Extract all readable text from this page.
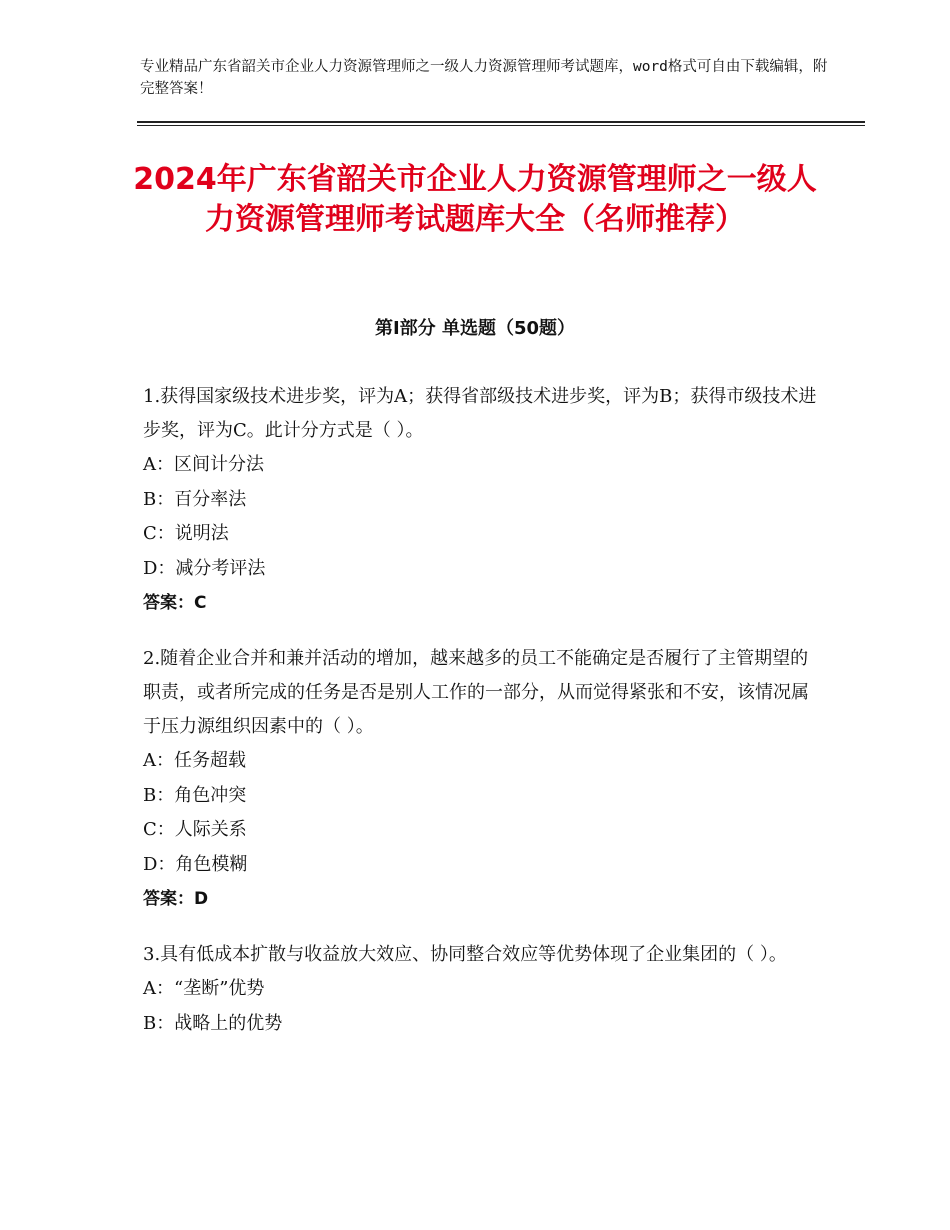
专业精品广东省韶关市企业人力资源管理师之一级人力资源管理师考试题库，word格式可自由下载编辑，附完整答案！
2024年广东省韶关市企业人力资源管理师之一级人力资源管理师考试题库大全（名师推荐）
第Ⅰ部分 单选题（50题）

1.获得国家级技术进步奖，评为A；获得省部级技术进步奖，评为B；获得市级技术进步奖，评为C。此计分方式是（ ）。

A：区间计分法

B：百分率法

C：说明法

D：减分考评法

答案：C

2.随着企业合并和兼并活动的增加，越来越多的员工不能确定是否履行了主管期望的职责，或者所完成的任务是否是别人工作的一部分，从而觉得紧张和不安，该情况属于压力源组织因素中的（ ）。

A：任务超载

B：角色冲突

C：人际关系

D：角色模糊

答案：D

3.具有低成本扩散与收益放大效应、协同整合效应等优势体现了企业集团的（ ）。

A：“垄断”优势

B：战略上的优势
